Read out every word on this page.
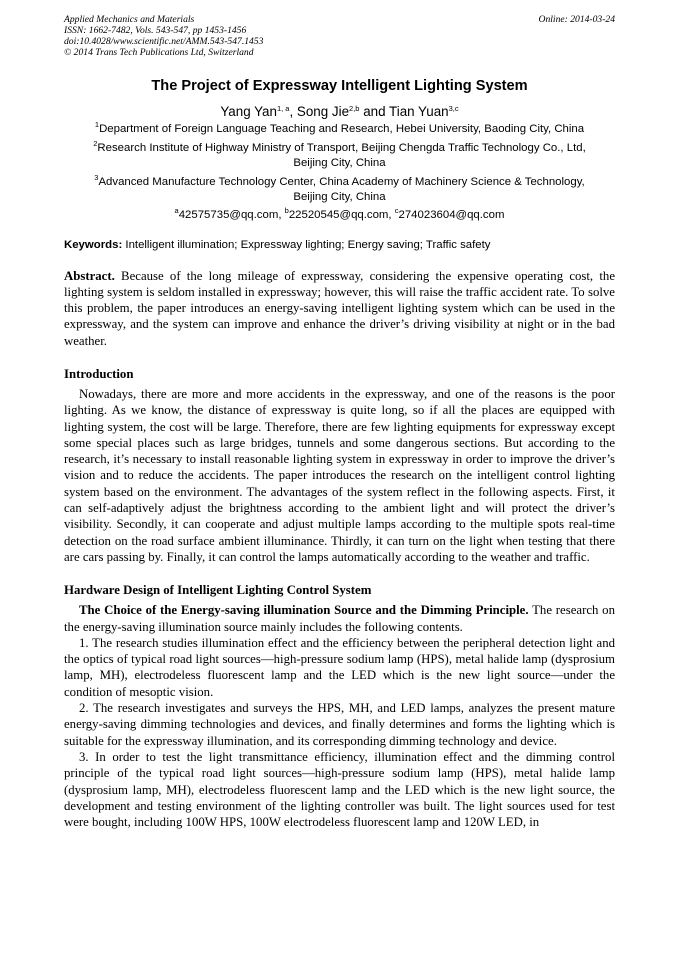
Applied Mechanics and Materials
ISSN: 1662-7482, Vols. 543-547, pp 1453-1456
doi:10.4028/www.scientific.net/AMM.543-547.1453
© 2014 Trans Tech Publications Ltd, Switzerland
Online: 2014-03-24
The Project of Expressway Intelligent Lighting System
Yang Yan$^{1, a}$, Song Jie$^{2,b}$ and Tian Yuan$^{3,c}$
$^1$Department of Foreign Language Teaching and Research, Hebei University, Baoding City, China
$^2$Research Institute of Highway Ministry of Transport, Beijing Chengda Traffic Technology Co., Ltd,
Beijing City, China
$^3$Advanced Manufacture Technology Center, China Academy of Machinery Science & Technology,
Beijing City, China
$^a$42575735@qq.com, $^b$22520545@qq.com, $^c$274023604@qq.com
Keywords: Intelligent illumination; Expressway lighting; Energy saving; Traffic safety
Abstract. Because of the long mileage of expressway, considering the expensive operating cost, the lighting system is seldom installed in expressway; however, this will raise the traffic accident rate. To solve this problem, the paper introduces an energy-saving intelligent lighting system which can be used in the expressway, and the system can improve and enhance the driver’s driving visibility at night or in the bad weather.
Introduction
Nowadays, there are more and more accidents in the expressway, and one of the reasons is the poor lighting. As we know, the distance of expressway is quite long, so if all the places are equipped with lighting system, the cost will be large. Therefore, there are few lighting equipments for expressway except some special places such as large bridges, tunnels and some dangerous sections. But according to the research, it’s necessary to install reasonable lighting system in expressway in order to improve the driver’s vision and to reduce the accidents. The paper introduces the research on the intelligent control lighting system based on the environment. The advantages of the system reflect in the following aspects. First, it can self-adaptively adjust the brightness according to the ambient light and will protect the driver’s visibility. Secondly, it can cooperate and adjust multiple lamps according to the multiple spots real-time detection on the road surface ambient illuminance. Thirdly, it can turn on the light when testing that there are cars passing by. Finally, it can control the lamps automatically according to the weather and traffic.
Hardware Design of Intelligent Lighting Control System
The Choice of the Energy-saving illumination Source and the Dimming Principle. The research on the energy-saving illumination source mainly includes the following contents.
1. The research studies illumination effect and the efficiency between the peripheral detection light and the optics of typical road light sources—high-pressure sodium lamp (HPS), metal halide lamp (dysprosium lamp, MH), electrodeless fluorescent lamp and the LED which is the new light source—under the condition of mesoptic vision.
2. The research investigates and surveys the HPS, MH, and LED lamps, analyzes the present mature energy-saving dimming technologies and devices, and finally determines and forms the lighting which is suitable for the expressway illumination, and its corresponding dimming technology and device.
3. In order to test the light transmittance efficiency, illumination effect and the dimming control principle of the typical road light sources—high-pressure sodium lamp (HPS), metal halide lamp (dysprosium lamp, MH), electrodeless fluorescent lamp and the LED which is the new light source, the development and testing environment of the lighting controller was built. The light sources used for test were bought, including 100W HPS, 100W electrodeless fluorescent lamp and 120W LED, in
